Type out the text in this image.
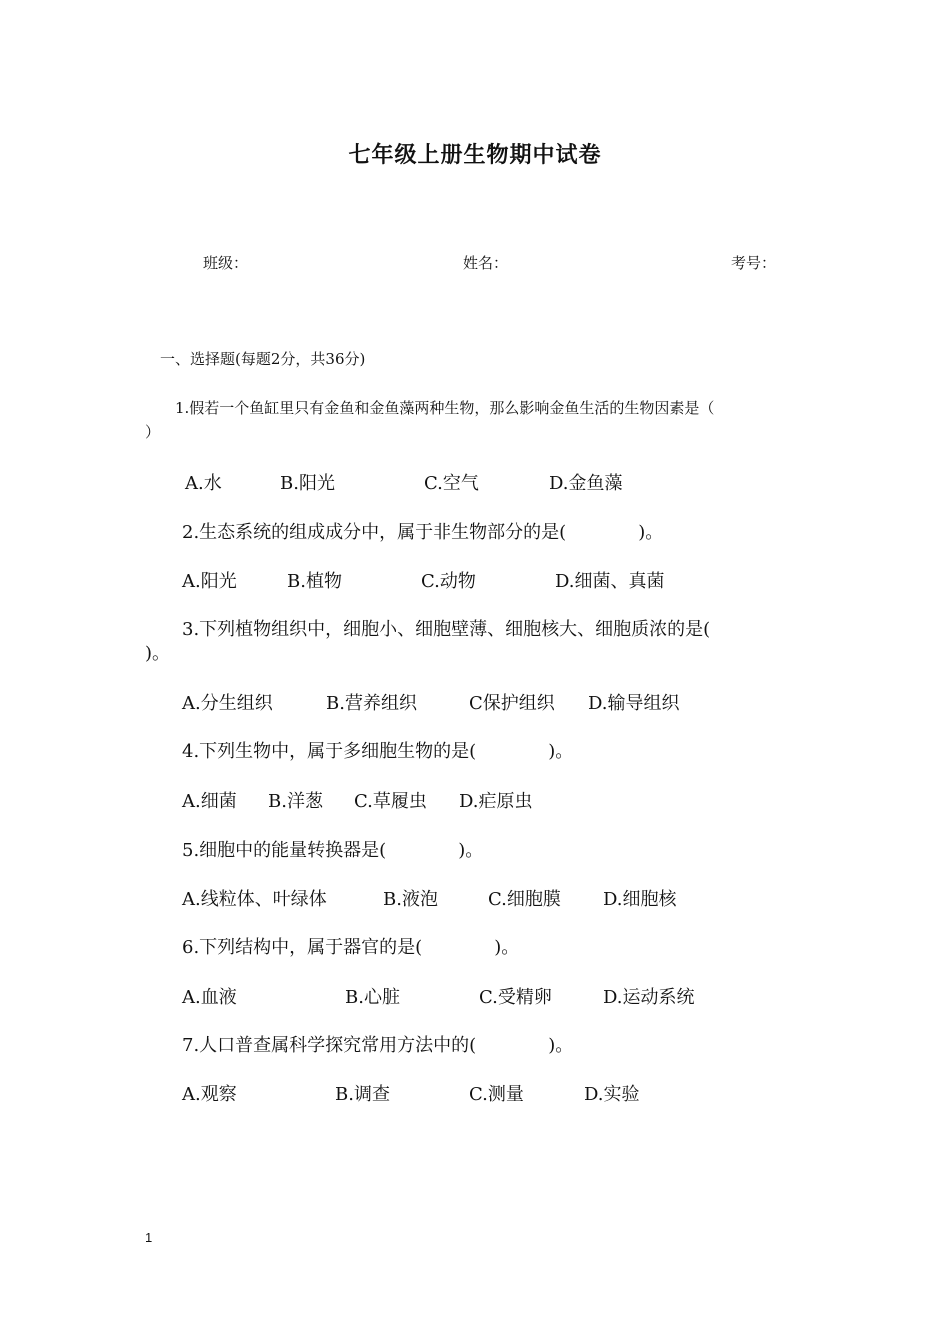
七年级上册生物期中试卷
班级：	姓名：	考号：
一、选择题(每题2分，共36分)
1.假若一个鱼缸里只有金鱼和金鱼藻两种生物，那么影响金鱼生活的生物因素是（
）
A.水	B.阳光	C.空气	D.金鱼藻
2.生态系统的组成成分中，属于非生物部分的是(　　　　)。
A.阳光	B.植物	C.动物	D.细菌、真菌
3.下列植物组织中，细胞小、细胞壁薄、细胞核大、细胞质浓的是(
)。
A.分生组织	B.营养组织	C保护组织 D.输导组织
4.下列生物中，属于多细胞生物的是(　　　　)。
A.细菌 B.洋葱 C.草履虫 D.疟原虫
5.细胞中的能量转换器是(　　　　)。
A.线粒体、叶绿体	B.液泡	C.细胞膜 D.细胞核
6.下列结构中，属于器官的是(　　　　)。
A.血液	B.心脏	C.受精卵	D.运动系统
7.人口普查属科学探究常用方法中的(　　　　)。
A.观察	B.调查	C.测量	D.实验
1
